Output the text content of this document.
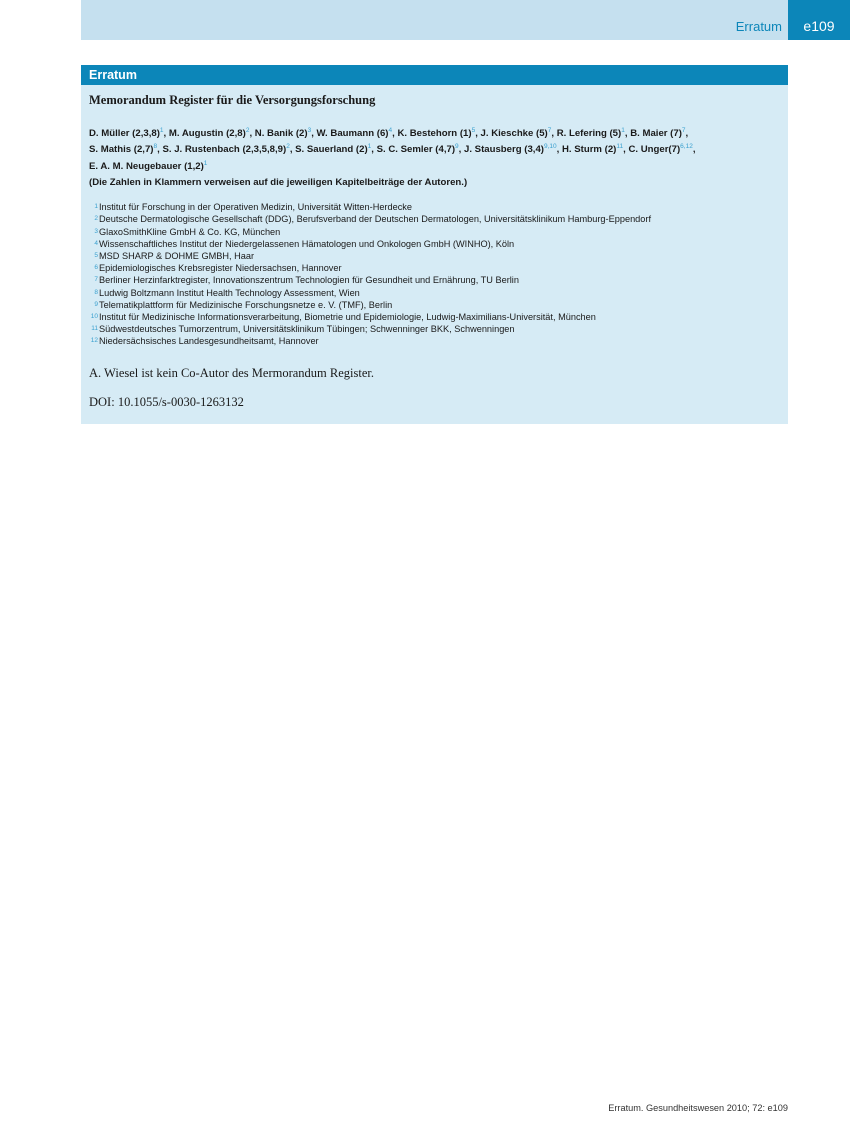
Erratum	e109
Erratum
Memorandum Register für die Versorgungsforschung
D. Müller $(2,3,8)^1$, M. Augustin $(2,8)^2$, N. Banik $(2)^3$, W. Baumann $(6)^4$, K. Bestehorn $(1)^5$, J. Kieschke $(5)^7$, R. Lefering $(5)^1$, B. Maier $(7)^7$,
S. Mathis $(2,7)^8$, S. J. Rustenbach $(2,3,5,8,9)^2$, S. Sauerland $(2)^1$, S. C. Semler $(4,7)^9$, J. Stausberg $(3,4)^{9,10}$, H. Sturm $(2)^{11}$, C. $Unger(7)^{6,12}$,
E. A. M. Neugebauer $(1,2)^1$
(Die Zahlen in Klammern verweisen auf die jeweiligen Kapitelbeiträge der Autoren.)
1Institut für Forschung in der Operativen Medizin, Universität Witten-Herdecke
2Deutsche Dermatologische Gesellschaft (DDG), Berufsverband der Deutschen Dermatologen, Universitätsklinikum Hamburg-Eppendorf
3GlaxoSmithKline GmbH & Co. KG, München
4Wissenschaftliches Institut der Niedergelassenen Hämatologen und Onkologen GmbH (WINHO), Köln
5MSD SHARP & DOHME GMBH, Haar
6Epidemiologisches Krebsregister Niedersachsen, Hannover
7Berliner Herzinfarktregister, Innovationszentrum Technologien für Gesundheit und Ernährung, TU Berlin
8Ludwig Boltzmann Institut Health Technology Assessment, Wien
9Telematikplattform für Medizinische Forschungsnetze e. V. (TMF), Berlin
10Institut für Medizinische Informationsverarbeitung, Biometrie und Epidemiologie, Ludwig-Maximilians-Universität, München
11Südwestdeutsches Tumorzentrum, Universitätsklinikum Tübingen; Schwenninger BKK, Schwenningen
12Niedersächsisches Landesgesundheitsamt, Hannover
A. Wiesel ist kein Co-Autor des Mermorandum Register.
DOI: 10.1055/s-0030-1263132
Erratum. Gesundheitswesen 2010; 72: e109
